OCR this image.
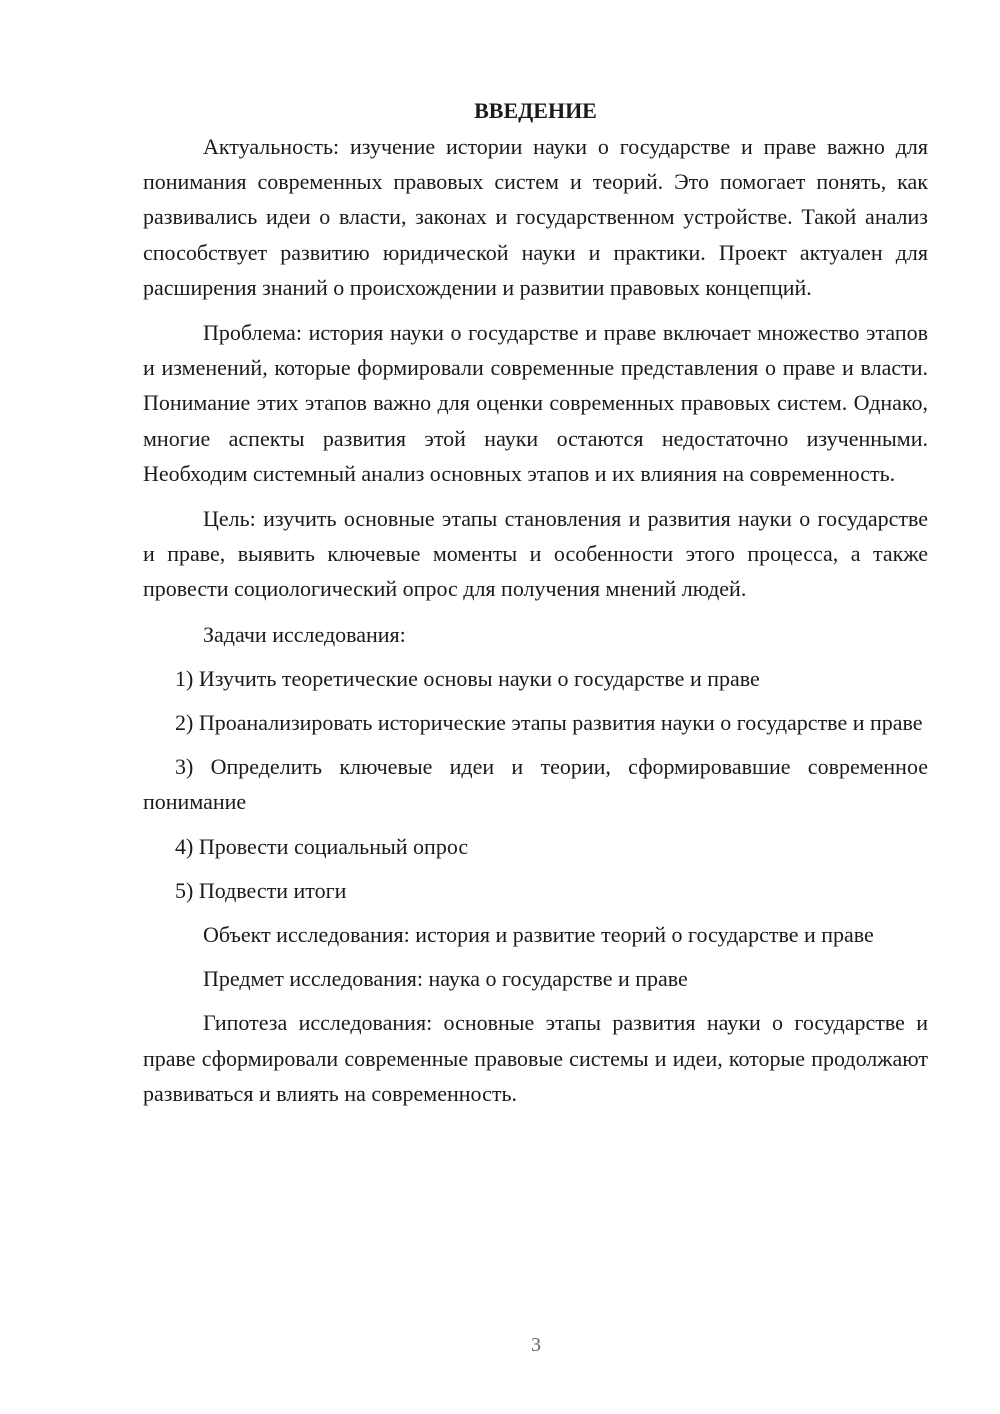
ВВЕДЕНИЕ

Актуальность: изучение истории науки о государстве и праве важно для понимания современных правовых систем и теорий. Это помогает понять, как развивались идеи о власти, законах и государственном устройстве. Такой анализ способствует развитию юридической науки и практики. Проект актуален для расширения знаний о происхождении и развитии правовых концепций.

Проблема: история науки о государстве и праве включает множество этапов и изменений, которые формировали современные представления о праве и власти. Понимание этих этапов важно для оценки современных правовых систем. Однако, многие аспекты развития этой науки остаются недостаточно изученными. Необходим системный анализ основных этапов и их влияния на современность.

Цель: изучить основные этапы становления и развития науки о государстве и праве, выявить ключевые моменты и особенности этого процесса, а также провести социологический опрос для получения мнений людей.

Задачи исследования:

1) Изучить теоретические основы науки о государстве и праве

2) Проанализировать исторические этапы развития науки о государстве и праве

3) Определить ключевые идеи и теории, сформировавшие современное понимание

4) Провести социальный опрос

5) Подвести итоги

Объект исследования: история и развитие теорий о государстве и праве

Предмет исследования: наука о государстве и праве

Гипотеза исследования: основные этапы развития науки о государстве и праве сформировали современные правовые системы и идеи, которые продолжают развиваться и влиять на современность.

3
